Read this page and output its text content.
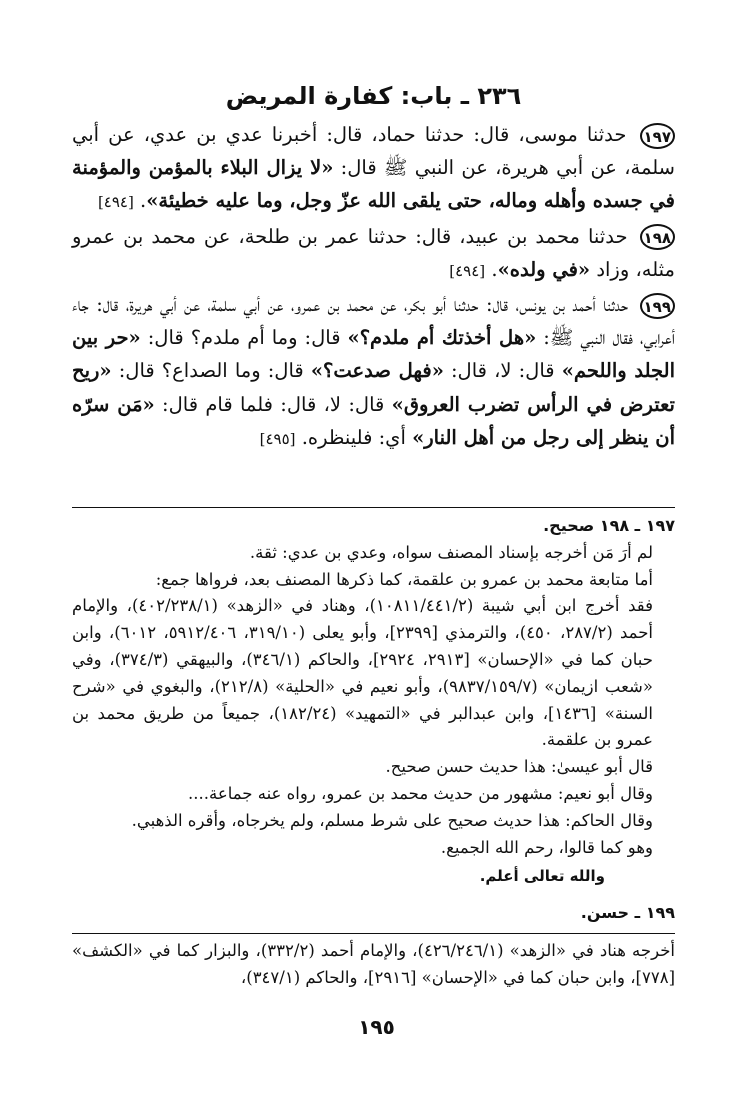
٢٣٦ ـ باب: كفارة المريض

١٩٧ حدثنا موسى، قال: حدثنا حماد، قال: أخبرنا عدي بن عدي، عن أبي سلمة، عن أبي هريرة، عن النبي ﷺ قال: «لا يزال البلاء بالمؤمن والمؤمنة في جسده وأهله وماله، حتى يلقى الله عزّ وجل، وما عليه خطيئة». [٤٩٤]

١٩٨ حدثنا محمد بن عبيد، قال: حدثنا عمر بن طلحة، عن محمد بن عمرو مثله، وزاد «في ولده». [٤٩٤]

١٩٩ حدثنا أحمد بن يونس، قال: حدثنا أبو بكر، عن محمد بن عمرو، عن أبي سلمة، عن أبي هريرة، قال: جاء أعرابي، فقال النبي ﷺ: «هل أخذتك أم ملدم؟» قال: وما أم ملدم؟ قال: «حر بين الجلد واللحم» قال: لا، قال: «فهل صدعت؟» قال: وما الصداع؟ قال: «ريح تعترض في الرأس تضرب العروق» قال: لا، قال: فلما قام قال: «مَن سرّه أن ينظر إلى رجل من أهل النار» أي: فلينظره. [٤٩٥]

١٩٧ ـ ١٩٨ صحيح.

لم أرَ مَن أخرجه بإسناد المصنف سواه، وعدي بن عدي: ثقة.

أما متابعة محمد بن عمرو بن علقمة، كما ذكرها المصنف بعد، فرواها جمع:

فقد أخرج ابن أبي شيبة (١٠٨١١/٤٤١/٢)، وهناد في «الزهد» (٤٠٢/٢٣٨/١)، والإمام أحمد (٢٨٧/٢، ٤٥٠)، والترمذي [٢٣٩٩]، وأبو يعلى (٣١٩/١٠، ٥٩١٢/٤٠٦، ٦٠١٢)، وابن حبان كما في «الإحسان» [٢٩١٣، ٢٩٢٤]، والحاكم (٣٤٦/١)، والبيهقي (٣٧٤/٣)، وفي «شعب ازيمان» (٩٨٣٧/١٥٩/٧)، وأبو نعيم في «الحلية» (٢١٢/٨)، والبغوي في «شرح السنة» [١٤٣٦]، وابن عبدالبر في «التمهيد» (١٨٢/٢٤)، جميعاً من طريق محمد بن عمرو بن علقمة.

قال أبو عيسىٰ: هذا حديث حسن صحيح.

وقال أبو نعيم: مشهور من حديث محمد بن عمرو، رواه عنه جماعة....

وقال الحاكم: هذا حديث صحيح على شرط مسلم، ولم يخرجاه، وأقره الذهبي.

وهو كما قالوا، رحم الله الجميع.

والله تعالى أعلم.

١٩٩ ـ حسن.

أخرجه هناد في «الزهد» (٤٢٦/٢٤٦/١)، والإمام أحمد (٣٣٢/٢)، والبزار كما في «الكشف» [٧٧٨]، وابن حبان كما في «الإحسان» [٢٩١٦]، والحاكم (٣٤٧/١)،

١٩٥
